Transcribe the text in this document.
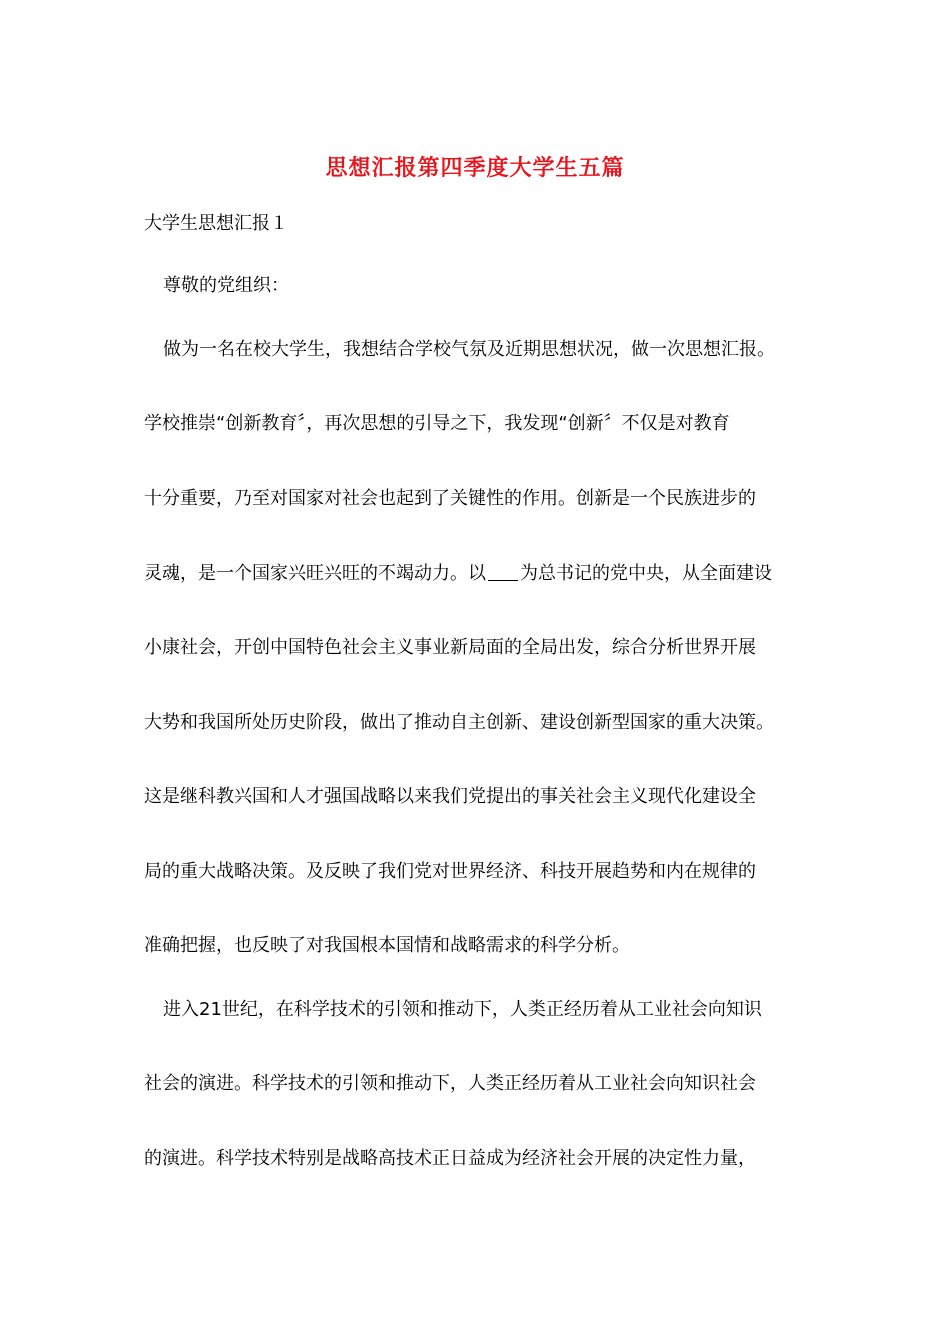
思想汇报第四季度大学生五篇
大学生思想汇报１
尊敬的党组织：
做为一名在校大学生，我想结合学校气氛及近期思想状况，做一次思想汇报。
学校推崇“创新教育〞，再次思想的引导之下，我发现“创新〞不仅是对教育
十分重要，乃至对国家对社会也起到了关键性的作用。创新是一个民族进步的
灵魂，是一个国家兴旺兴旺的不竭动力。以 为总书记的党中央，从全面建设
小康社会，开创中国特色社会主义事业新局面的全局出发，综合分析世界开展
大势和我国所处历史阶段，做出了推动自主创新、建设创新型国家的重大决策。
这是继科教兴国和人才强国战略以来我们党提出的事关社会主义现代化建设全
局的重大战略决策。及反映了我们党对世界经济、科技开展趋势和内在规律的
准确把握，也反映了对我国根本国情和战略需求的科学分析。
进入21世纪，在科学技术的引领和推动下，人类正经历着从工业社会向知识
社会的演进。科学技术的引领和推动下，人类正经历着从工业社会向知识社会
的演进。科学技术特别是战略高技术正日益成为经济社会开展的决定性力量，
